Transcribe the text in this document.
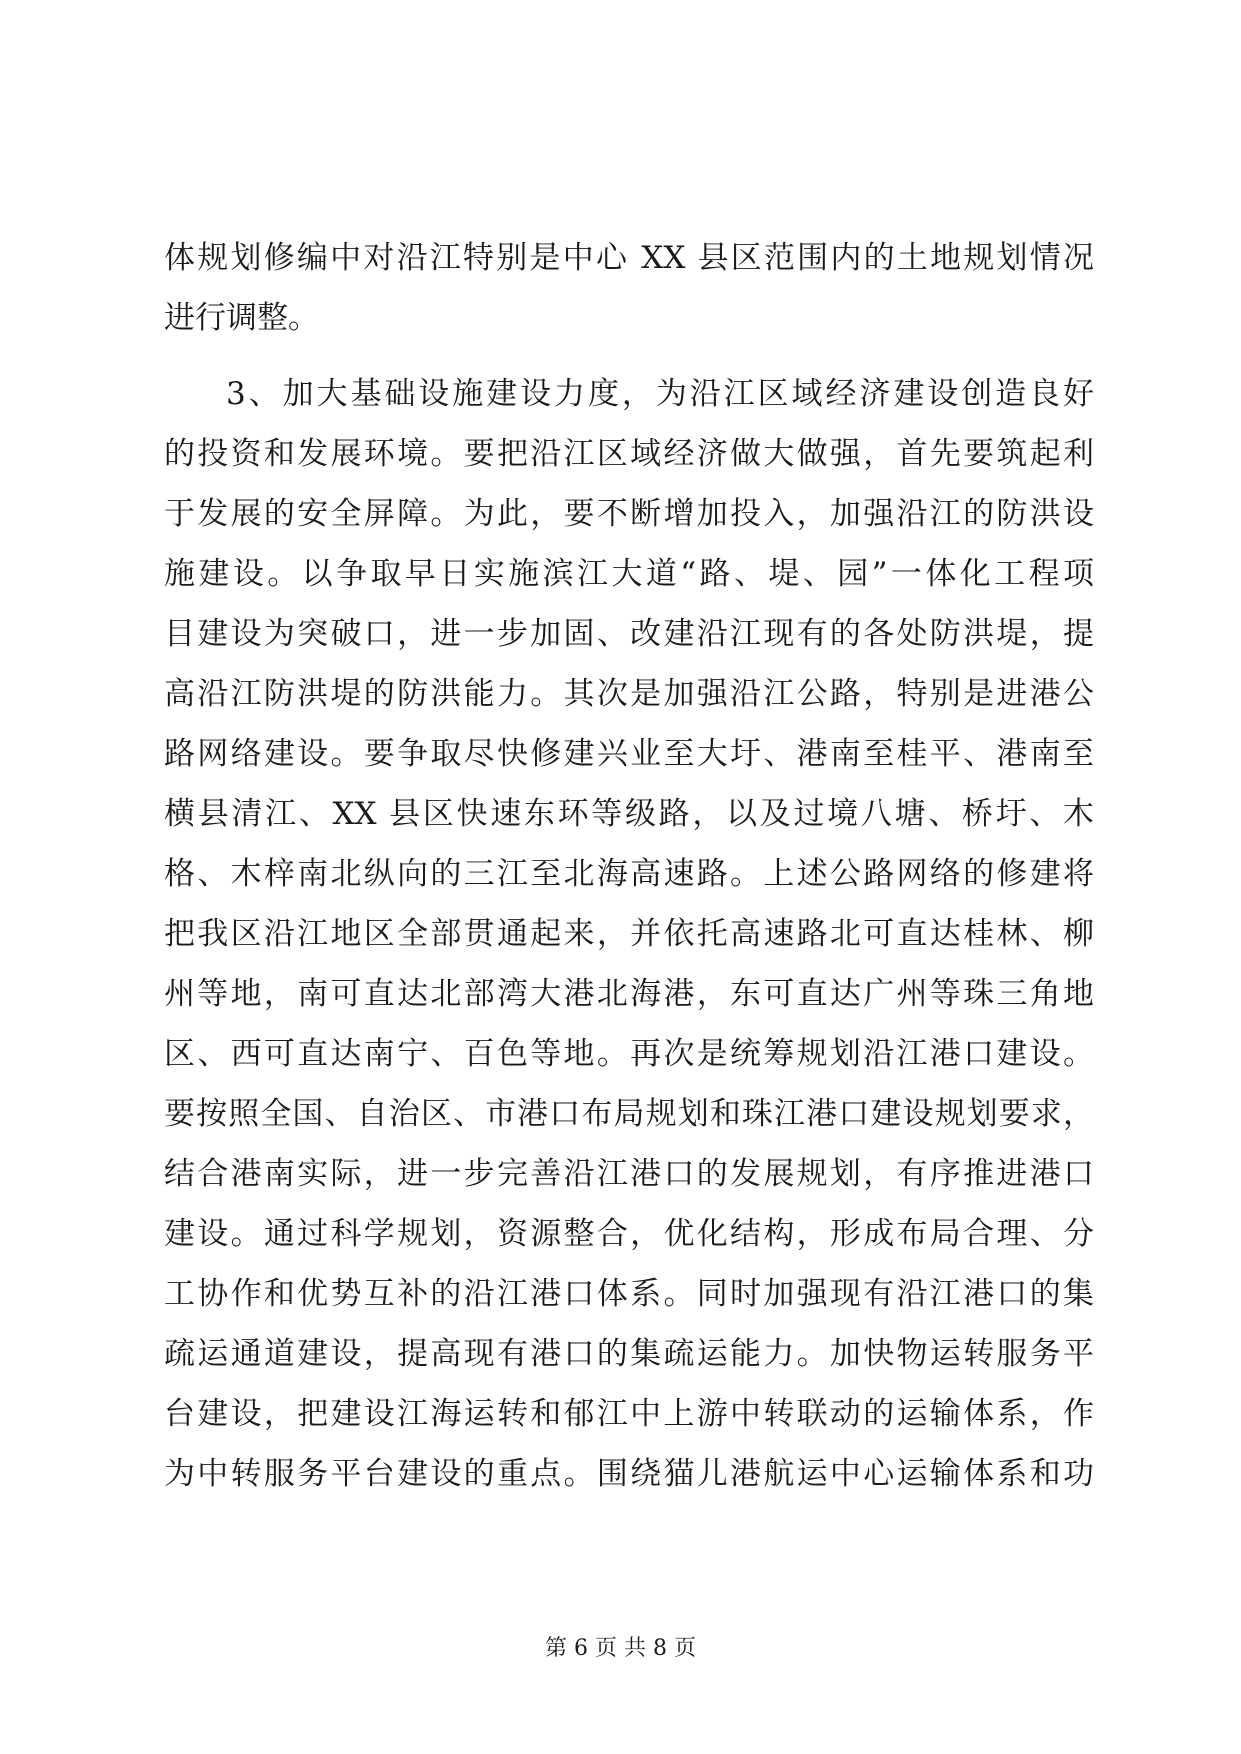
体规划修编中对沿江特别是中心 XX 县区范围内的土地规划情况
进行调整。
3、加大基础设施建设力度，为沿江区域经济建设创造良好
的投资和发展环境。要把沿江区域经济做大做强，首先要筑起利
于发展的安全屏障。为此，要不断增加投入，加强沿江的防洪设
施建设。以争取早日实施滨江大道“路、堤、园”一体化工程项
目建设为突破口，进一步加固、改建沿江现有的各处防洪堤，提
高沿江防洪堤的防洪能力。其次是加强沿江公路，特别是进港公
路网络建设。要争取尽快修建兴业至大圩、港南至桂平、港南至
横县清江、XX 县区快速东环等级路，以及过境八塘、桥圩、木
格、木梓南北纵向的三江至北海高速路。上述公路网络的修建将
把我区沿江地区全部贯通起来，并依托高速路北可直达桂林、柳
州等地，南可直达北部湾大港北海港，东可直达广州等珠三角地
区、西可直达南宁、百色等地。再次是统筹规划沿江港口建设。
要按照全国、自治区、市港口布局规划和珠江港口建设规划要求，
结合港南实际，进一步完善沿江港口的发展规划，有序推进港口
建设。通过科学规划，资源整合，优化结构，形成布局合理、分
工协作和优势互补的沿江港口体系。同时加强现有沿江港口的集
疏运通道建设，提高现有港口的集疏运能力。加快物运转服务平
台建设，把建设江海运转和郁江中上游中转联动的运输体系，作
为中转服务平台建设的重点。围绕猫儿港航运中心运输体系和功
第 6 页 共 8 页
